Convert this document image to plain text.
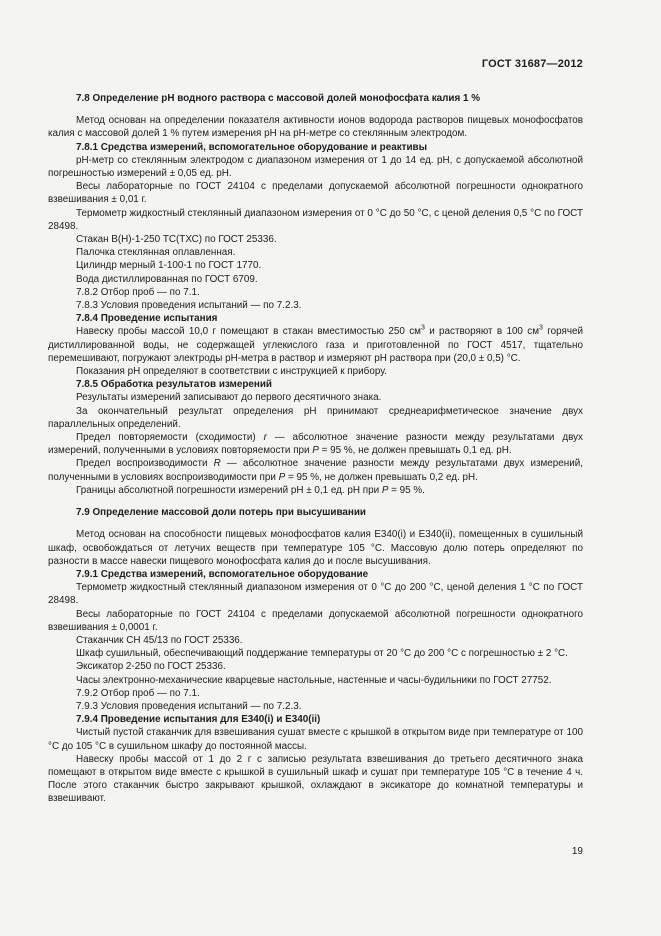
ГОСТ 31687—2012

7.8 Определение pH водного раствора с массовой долей монофосфата калия 1 %

Метод основан на определении показателя активности ионов водорода растворов пищевых монофосфатов калия с массовой долей 1 % путем измерения pH на pH-метре со стеклянным электродом.

7.8.1 Средства измерений, вспомогательное оборудование и реактивы

pH-метр со стеклянным электродом с диапазоном измерения от 1 до 14 ед. pH, с допускаемой абсолютной погрешностью измерений ± 0,05 ед. pH.

Весы лабораторные по ГОСТ 24104 с пределами допускаемой абсолютной погрешности однократного взвешивания ± 0,01 г.

Термометр жидкостный стеклянный диапазоном измерения от 0 °С до 50 °С, с ценой деления 0,5 °С по ГОСТ 28498.

Стакан В(Н)-1-250 ТС(ТХС) по ГОСТ 25336.

Палочка стеклянная оплавленная.

Цилиндр мерный 1-100-1 по ГОСТ 1770.

Вода дистиллированная по ГОСТ 6709.

7.8.2 Отбор проб — по 7.1.

7.8.3 Условия проведения испытаний — по 7.2.3.

7.8.4 Проведение испытания

Навеску пробы массой 10,0 г помещают в стакан вместимостью 250 $см^3$ и растворяют в 100 $см^3$ горячей дистиллированной воды, не содержащей углекислого газа и приготовленной по ГОСТ 4517, тщательно перемешивают, погружают электроды pH-метра в раствор и измеряют pH раствора при (20,0 ± 0,5) °С.

Показания pH определяют в соответствии с инструкцией к прибору.

7.8.5 Обработка результатов измерений

Результаты измерений записывают до первого десятичного знака.

За окончательный результат определения pH принимают среднеарифметическое значение двух параллельных определений.

Предел повторяемости (сходимости) r — абсолютное значение разности между результатами двух измерений, полученными в условиях повторяемости при P = 95 %, не должен превышать 0,1 ед. pH.

Предел воспроизводимости R — абсолютное значение разности между результатами двух измерений, полученными в условиях воспроизводимости при P = 95 %, не должен превышать 0,2 ед. pH.

Границы абсолютной погрешности измерений pH ± 0,1 ед. pH при P = 95 %.

7.9 Определение массовой доли потерь при высушивании

Метод основан на способности пищевых монофосфатов калия Е340(i) и Е340(ii), помещенных в сушильный шкаф, освобождаться от летучих веществ при температуре 105 °С. Массовую долю потерь определяют по разности в массе навески пищевого монофосфата калия до и после высушивания.

7.9.1 Средства измерений, вспомогательное оборудование

Термометр жидкостный стеклянный диапазоном измерения от 0 °С до 200 °С, ценой деления 1 °С по ГОСТ 28498.

Весы лабораторные по ГОСТ 24104 с пределами допускаемой абсолютной погрешности однократного взвешивания ± 0,0001 г.

Стаканчик СН 45/13 по ГОСТ 25336.

Шкаф сушильный, обеспечивающий поддержание температуры от 20 °С до 200 °С с погрешностью ± 2 °С.

Эксикатор 2-250 по ГОСТ 25336.

Часы электронно-механические кварцевые настольные, настенные и часы-будильники по ГОСТ 27752.

7.9.2 Отбор проб — по 7.1.

7.9.3 Условия проведения испытаний — по 7.2.3.

7.9.4 Проведение испытания для Е340(i) и Е340(ii)

Чистый пустой стаканчик для взвешивания сушат вместе с крышкой в открытом виде при температуре от 100 °С до 105 °С в сушильном шкафу до постоянной массы.

Навеску пробы массой от 1 до 2 г с записью результата взвешивания до третьего десятичного знака помещают в открытом виде вместе с крышкой в сушильный шкаф и сушат при температуре 105 °С в течение 4 ч. После этого стаканчик быстро закрывают крышкой, охлаждают в эксикаторе до комнатной температуры и взвешивают.

19
